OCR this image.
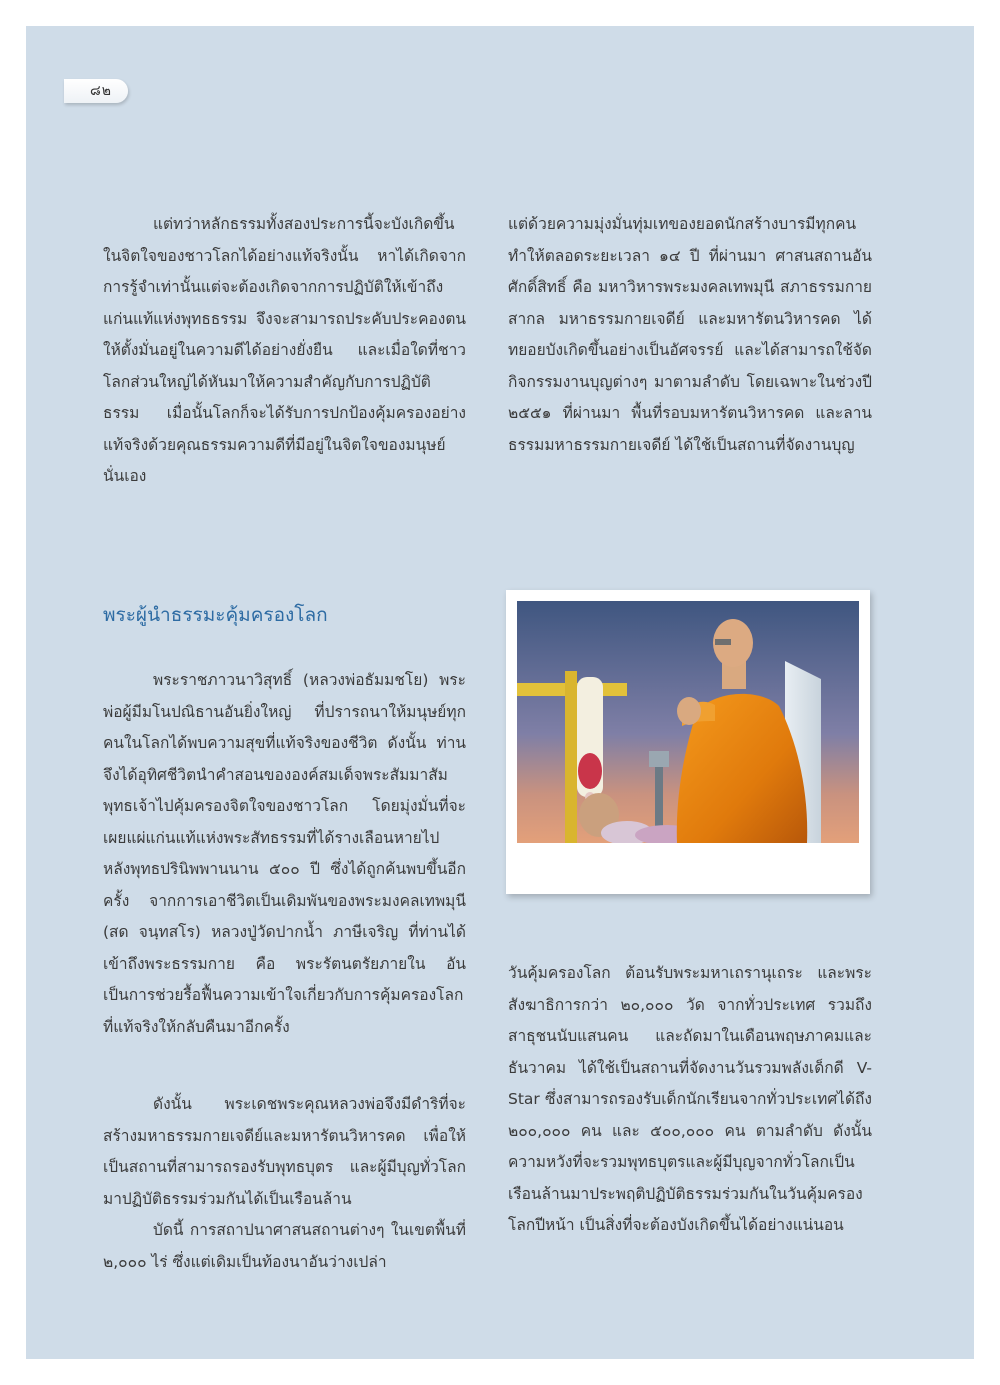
๘๒

แต่ทว่าหลักธรรมทั้งสองประการนี้จะบังเกิดขึ้นในจิตใจของชาวโลกได้อย่างแท้จริงนั้น หาได้เกิดจากการรู้จำเท่านั้นแต่จะต้องเกิดจากการปฏิบัติให้เข้าถึงแก่นแท้แห่งพุทธธรรม จึงจะสามารถประคับประคองตนให้ตั้งมั่นอยู่ในความดีได้อย่างยั่งยืน และเมื่อใดที่ชาวโลกส่วนใหญ่ได้หันมาให้ความสำคัญกับการปฏิบัติธรรม เมื่อนั้นโลกก็จะได้รับการปกป้องคุ้มครองอย่างแท้จริงด้วยคุณธรรมความดีที่มีอยู่ในจิตใจของมนุษย์นั่นเอง

แต่ด้วยความมุ่งมั่นทุ่มเทของยอดนักสร้างบารมีทุกคน ทำให้ตลอดระยะเวลา ๑๔ ปี ที่ผ่านมา ศาสนสถานอันศักดิ์สิทธิ์ คือ มหาวิหารพระมงคลเทพมุนี สภาธรรมกายสากล มหาธรรมกายเจดีย์ และมหารัตนวิหารคด ได้ทยอยบังเกิดขึ้นอย่างเป็นอัศจรรย์ และได้สามารถใช้จัดกิจกรรมงานบุญต่างๆ มาตามลำดับ โดยเฉพาะในช่วงปี ๒๕๕๑ ที่ผ่านมา พื้นที่รอบมหารัตนวิหารคด และลานธรรมมหาธรรมกายเจดีย์ ได้ใช้เป็นสถานที่จัดงานบุญ

พระผู้นำธรรมะคุ้มครองโลก

พระราชภาวนาวิสุทธิ์ (หลวงพ่อธัมมชโย) พระพ่อผู้มีมโนปณิธานอันยิ่งใหญ่ ที่ปรารถนาให้มนุษย์ทุกคนในโลกได้พบความสุขที่แท้จริงของชีวิต ดังนั้น ท่านจึงได้อุทิศชีวิตนำคำสอนขององค์สมเด็จพระสัมมาสัมพุทธเจ้าไปคุ้มครองจิตใจของชาวโลก โดยมุ่งมั่นที่จะเผยแผ่แก่นแท้แห่งพระสัทธรรมที่ได้รางเลือนหายไปหลังพุทธปรินิพพานนาน ๕๐๐ ปี ซึ่งได้ถูกค้นพบขึ้นอีกครั้ง จากการเอาชีวิตเป็นเดิมพันของพระมงคลเทพมุนี (สด จนฺทสโร) หลวงปู่วัดปากน้ำ ภาษีเจริญ ที่ท่านได้เข้าถึงพระธรรมกาย คือ พระรัตนตรัยภายใน อันเป็นการช่วยรื้อฟื้นความเข้าใจเกี่ยวกับการคุ้มครองโลกที่แท้จริงให้กลับคืนมาอีกครั้ง

ดังนั้น พระเดชพระคุณหลวงพ่อจึงมีดำริที่จะสร้างมหาธรรมกายเจดีย์และมหารัตนวิหารคด เพื่อให้เป็นสถานที่สามารถรองรับพุทธบุตร และผู้มีบุญทั่วโลกมาปฏิบัติธรรมร่วมกันได้เป็นเรือนล้าน

บัดนี้ การสถาปนาศาสนสถานต่างๆ ในเขตพื้นที่ ๒,๐๐๐ ไร่ ซึ่งแต่เดิมเป็นท้องนาอันว่างเปล่า

วันคุ้มครองโลก ต้อนรับพระมหาเถรานุเถระ และพระสังฆาธิการกว่า ๒๐,๐๐๐ วัด จากทั่วประเทศ รวมถึงสาธุชนนับแสนคน และถัดมาในเดือนพฤษภาคมและธันวาคม ได้ใช้เป็นสถานที่จัดงานวันรวมพลังเด็กดี V-Star ซึ่งสามารถรองรับเด็กนักเรียนจากทั่วประเทศได้ถึง ๒๐๐,๐๐๐ คน และ ๕๐๐,๐๐๐ คน ตามลำดับ ดังนั้น ความหวังที่จะรวมพุทธบุตรและผู้มีบุญจากทั่วโลกเป็นเรือนล้านมาประพฤติปฏิบัติธรรมร่วมกันในวันคุ้มครองโลกปีหน้า เป็นสิ่งที่จะต้องบังเกิดขึ้นได้อย่างแน่นอน
